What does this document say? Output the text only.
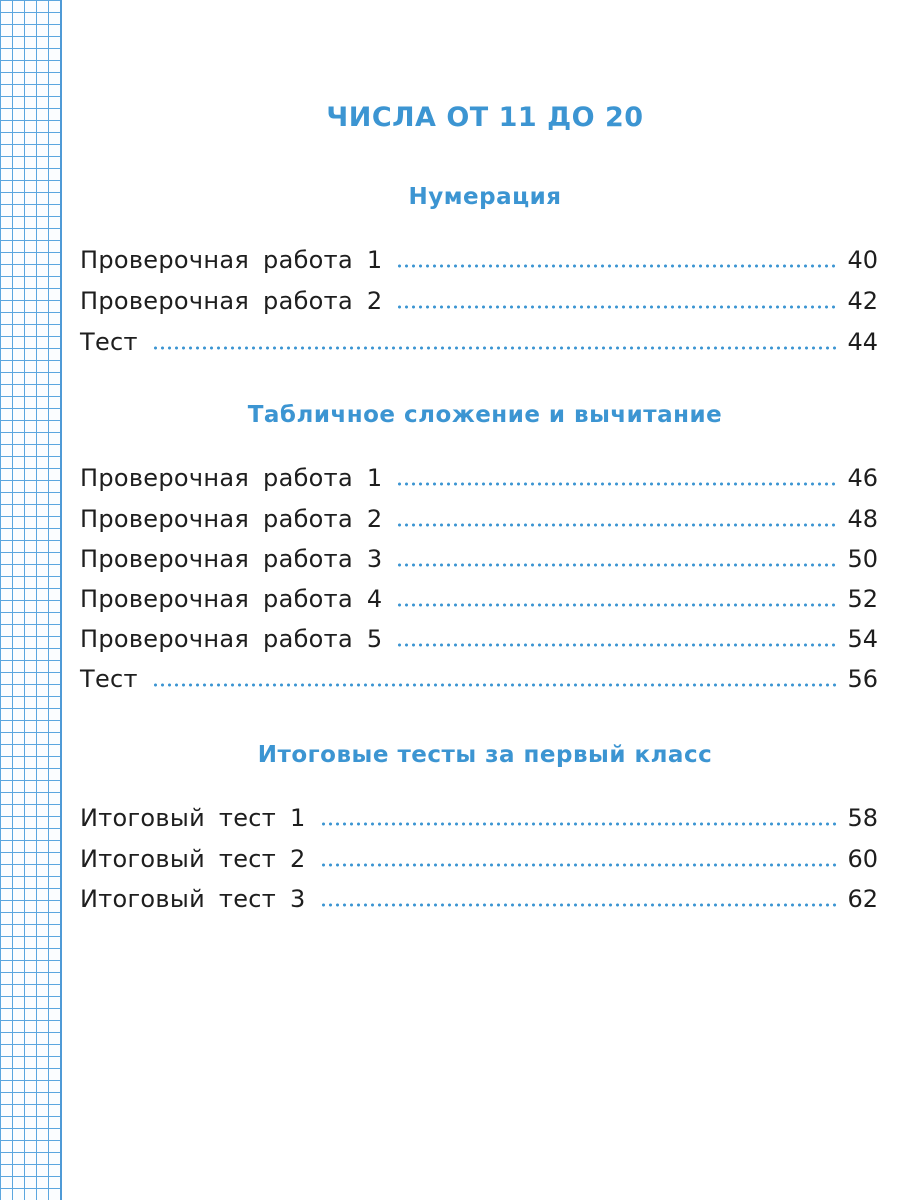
ЧИСЛА ОТ 11 ДО 20
Нумерация
Проверочная работа 1	40
Проверочная работа 2	42
Тест	44
Табличное сложение и вычитание
Проверочная работа 1	46
Проверочная работа 2	48
Проверочная работа 3	50
Проверочная работа 4	52
Проверочная работа 5	54
Тест	56
Итоговые тесты за первый класс
Итоговый тест 1	58
Итоговый тест 2	60
Итоговый тест 3	62
